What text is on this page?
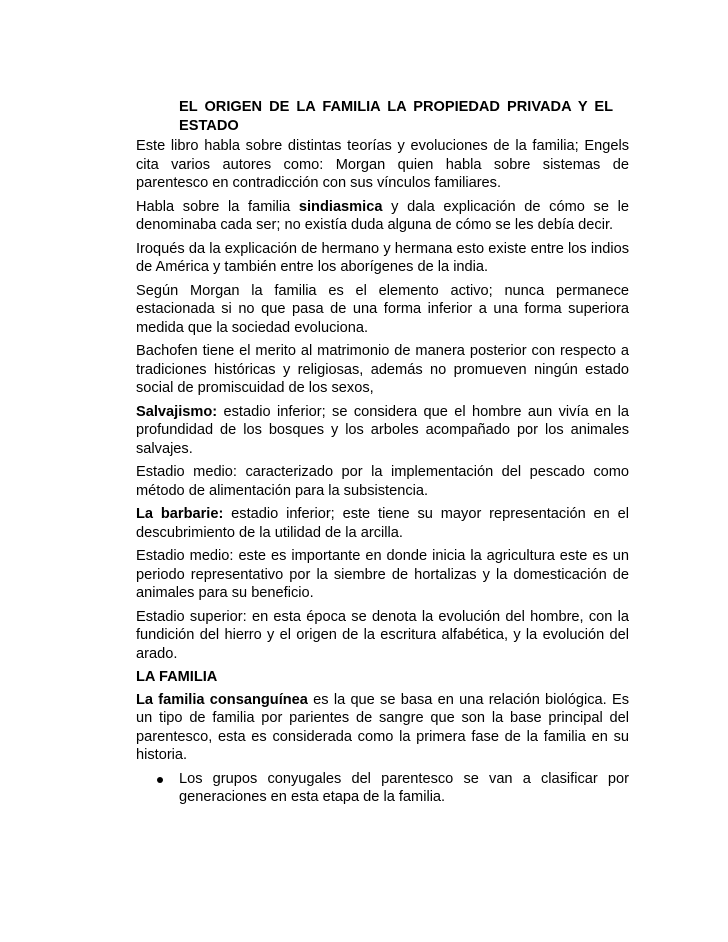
EL ORIGEN DE LA FAMILIA LA PROPIEDAD PRIVADA Y EL
ESTADO

Este libro habla sobre distintas teorías y evoluciones de la familia; Engels cita varios autores como: Morgan quien habla sobre sistemas de parentesco en contradicción con sus vínculos familiares.

Habla sobre la familia sindiasmica y dala explicación de cómo se le denominaba cada ser; no existía duda alguna de cómo se les debía decir.

Iroqués da la explicación de hermano y hermana esto existe entre los indios de América y también entre los aborígenes de la india.

Según Morgan la familia es el elemento activo; nunca permanece estacionada si no que pasa de una forma inferior a una forma superiora medida que la sociedad evoluciona.

Bachofen tiene el merito al matrimonio de manera posterior con respecto a tradiciones históricas y religiosas, además no promueven ningún estado social de promiscuidad de los sexos,

Salvajismo: estadio inferior; se considera que el hombre aun vivía en la profundidad de los bosques y los arboles acompañado por los animales salvajes.

Estadio medio: caracterizado por la implementación del pescado como método de alimentación para la subsistencia.

La barbarie: estadio inferior; este tiene su mayor representación en el descubrimiento de la utilidad de la arcilla.

Estadio medio: este es importante en donde inicia la agricultura este es un periodo representativo por la siembre de hortalizas y la domesticación de animales para su beneficio.

Estadio superior: en esta época se denota la evolución del hombre, con la fundición del hierro y el origen de la escritura alfabética, y la evolución del arado.

LA FAMILIA

La familia consanguínea es la que se basa en una relación biológica. Es un tipo de familia por parientes de sangre que son la base principal del parentesco, esta es considerada como la primera fase de la familia en su historia.

Los grupos conyugales del parentesco se van a clasificar por generaciones en esta etapa de la familia.
